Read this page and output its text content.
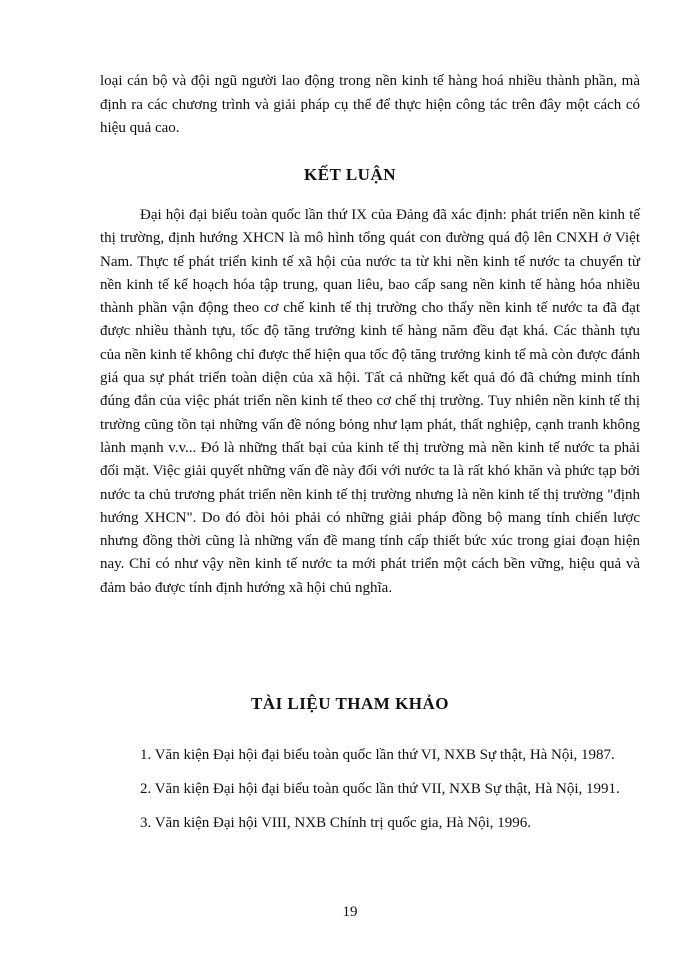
loại cán bộ và đội ngũ người lao động trong nền kinh tế hàng hoá nhiều thành phần, mà định ra các chương trình và giải pháp cụ thể để thực hiện công tác trên đây một cách có hiệu quả cao.

KẾT LUẬN

Đại hội đại biểu toàn quốc lần thứ IX của Đảng đã xác định: phát triển nền kinh tế thị trường, định hướng XHCN là mô hình tổng quát con đường quá độ lên CNXH ở Việt Nam. Thực tế phát triển kinh tế xã hội của nước ta từ khi nền kinh tế nước ta chuyển từ nền kinh tế kế hoạch hóa tập trung, quan liêu, bao cấp sang nền kinh tế hàng hóa nhiều thành phần vận động theo cơ chế kinh tế thị trường cho thấy nền kinh tế nước ta đã đạt được nhiều thành tựu, tốc độ tăng trưởng kinh tế hàng năm đều đạt khá. Các thành tựu của nền kinh tế không chỉ được thể hiện qua tốc độ tăng trưởng kinh tế mà còn được đánh giá qua sự phát triển toàn diện của xã hội. Tất cả những kết quả đó đã chứng minh tính đúng đắn của việc phát triển nền kinh tế theo cơ chế thị trường. Tuy nhiên nền kinh tế thị trường cũng tồn tại những vấn đề nóng bỏng như lạm phát, thất nghiệp, cạnh tranh không lành mạnh v.v... Đó là những thất bại của kinh tế thị trường mà nền kinh tế nước ta phải đối mặt. Việc giải quyết những vấn đề này đối với nước ta là rất khó khăn và phức tạp bởi nước ta chủ trương phát triển nền kinh tế thị trường nhưng là nền kinh tế thị trường "định hướng XHCN". Do đó đòi hỏi phải có những giải pháp đồng bộ mang tính chiến lược nhưng đồng thời cũng là những vấn đề mang tính cấp thiết bức xúc trong giai đoạn hiện nay. Chỉ có như vậy nền kinh tế nước ta mới phát triển một cách bền vững, hiệu quả và đảm bảo được tính định hướng xã hội chủ nghĩa.

TÀI LIỆU THAM KHẢO
1. Văn kiện Đại hội đại biểu toàn quốc lần thứ VI, NXB Sự thật, Hà Nội, 1987.
2. Văn kiện Đại hội đại biểu toàn quốc lần thứ VII, NXB Sự thật, Hà Nội, 1991.
3. Văn kiện Đại hội VIII, NXB Chính trị quốc gia, Hà Nội, 1996.

19
